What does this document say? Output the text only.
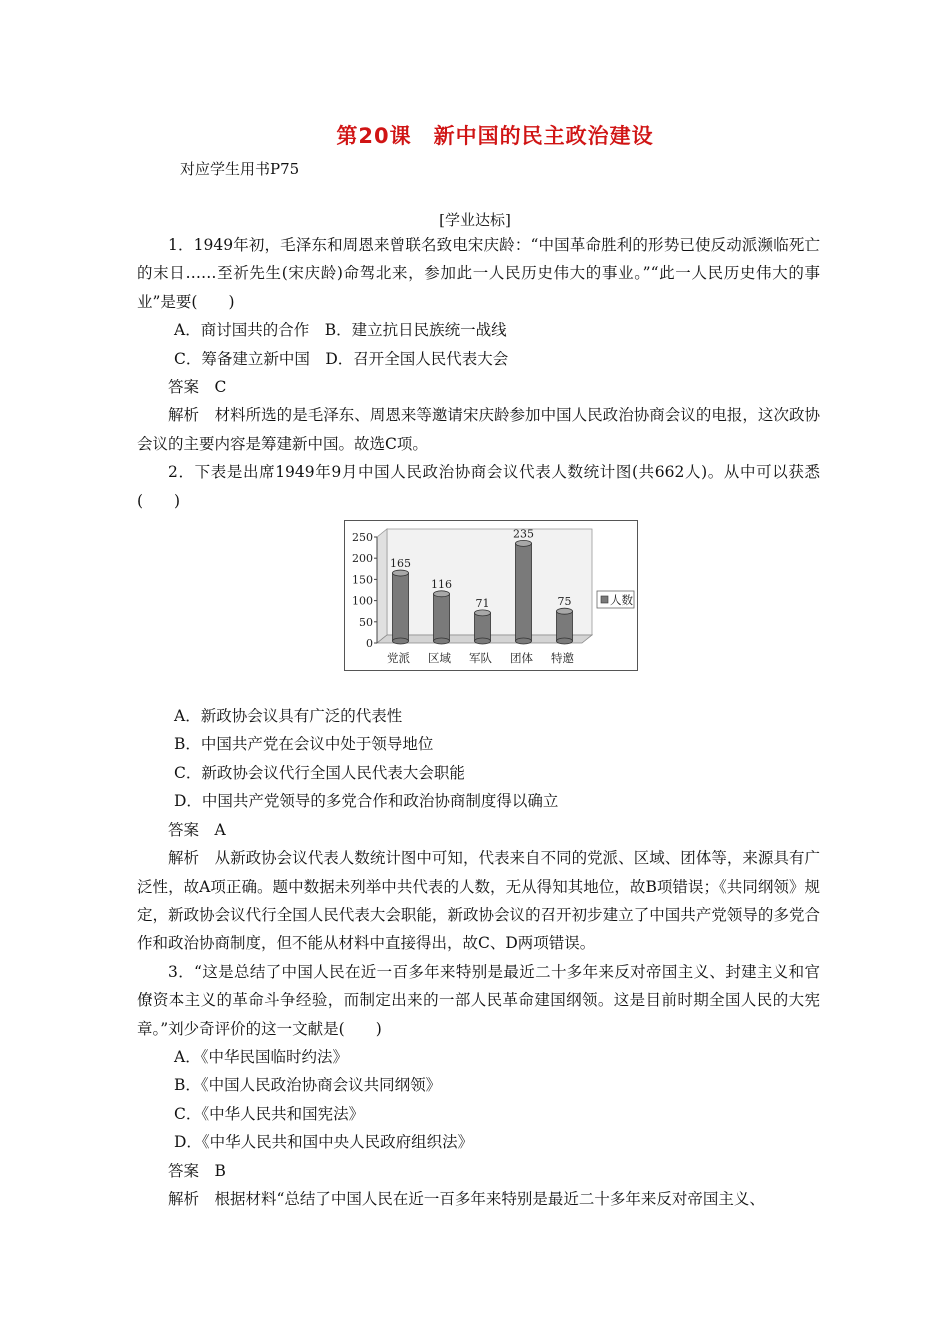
第20课　新中国的民主政治建设
对应学生用书P75
[学业达标]

1．1949年初，毛泽东和周恩来曾联名致电宋庆龄：“中国革命胜利的形势已使反动派濒临死亡的末日……至祈先生(宋庆龄)命驾北来，参加此一人民历史伟大的事业。”“此一人民历史伟大的事业”是要(　　)

A．商讨国共的合作　B．建立抗日民族统一战线

C．筹备建立新中国　D．召开全国人民代表大会

答案　C

解析　材料所选的是毛泽东、周恩来等邀请宋庆龄参加中国人民政治协商会议的电报，这次政协会议的主要内容是筹建新中国。故选C项。

2．下表是出席1949年9月中国人民政治协商会议代表人数统计图(共662人)。从中可以获悉(　　)

0
50
100
150
200
250
165
党派
116
区域
71
军队
235
团体
75
特邀
人数

A．新政协会议具有广泛的代表性

B．中国共产党在会议中处于领导地位

C．新政协会议代行全国人民代表大会职能

D．中国共产党领导的多党合作和政治协商制度得以确立

答案　A

解析　从新政协会议代表人数统计图中可知，代表来自不同的党派、区域、团体等，来源具有广泛性，故A项正确。题中数据未列举中共代表的人数，无从得知其地位，故B项错误；《共同纲领》规定，新政协会议代行全国人民代表大会职能，新政协会议的召开初步建立了中国共产党领导的多党合作和政治协商制度，但不能从材料中直接得出，故C、D两项错误。

3．“这是总结了中国人民在近一百多年来特别是最近二十多年来反对帝国主义、封建主义和官僚资本主义的革命斗争经验，而制定出来的一部人民革命建国纲领。这是目前时期全国人民的大宪章。”刘少奇评价的这一文献是(　　)

A．《中华民国临时约法》

B．《中国人民政治协商会议共同纲领》

C．《中华人民共和国宪法》

D．《中华人民共和国中央人民政府组织法》

答案　B

解析　根据材料“总结了中国人民在近一百多年来特别是最近二十多年来反对帝国主义、
